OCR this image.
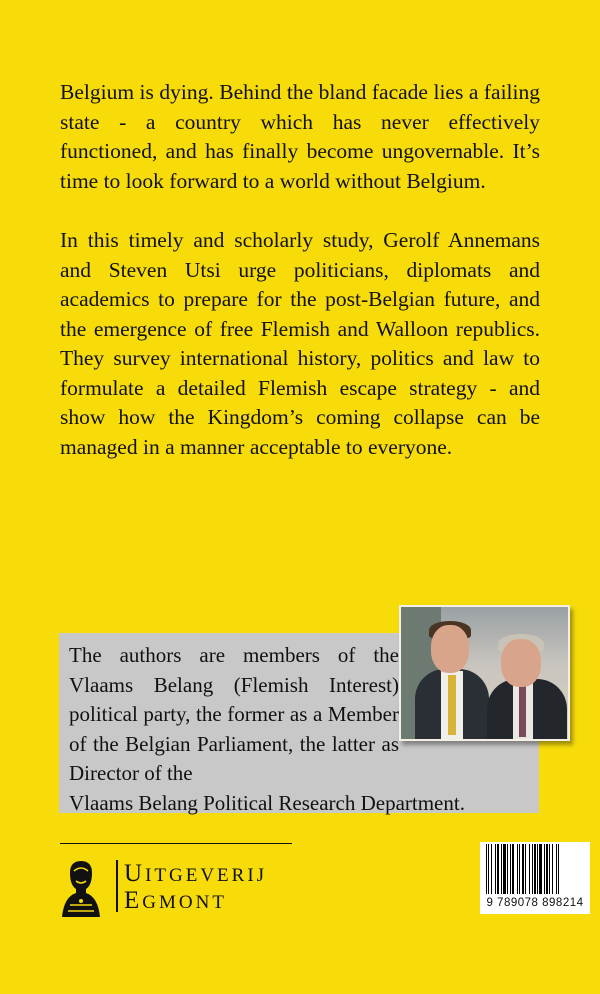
Belgium is dying. Behind the bland facade lies a failing state - a country which has never effectively functioned, and has finally become ungovernable. It’s time to look forward to a world without Belgium.

In this timely and scholarly study, Gerolf Annemans and Steven Utsi urge politicians, diplomats and academics to prepare for the post-Belgian future, and the emergence of free Flemish and Walloon republics. They survey international history, politics and law to formulate a detailed Flemish escape strategy - and show how the Kingdom’s coming collapse can be managed in a manner acceptable to everyone.

The authors are members of the Vlaams Belang (Flemish Interest) political party, the former as a Member of the Belgian Parliament, the latter as Director of the
Vlaams Belang Political Research Department.
UITGEVERIJ
EGMONT	9 789078 898214
